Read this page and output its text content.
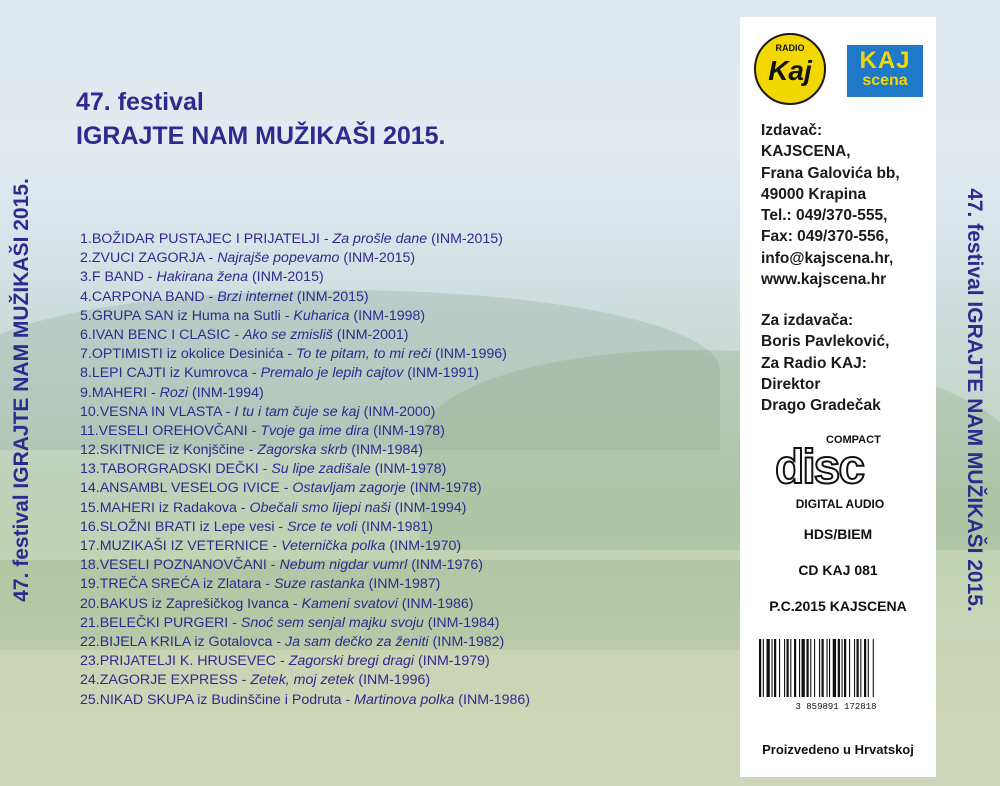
47. festival IGRAJTE NAM MUŽIKAŠI 2015.	47. festival IGRAJTE NAM MUŽIKAŠI 2015.
47. festival
IGRAJTE NAM MUŽIKAŠI 2015.
1.BOŽIDAR PUSTAJEC I PRIJATELJI - Za prošle dane (INM-2015)
2.ZVUCI ZAGORJA - Najrajše popevamo (INM-2015)
3.F BAND - Hakirana žena (INM-2015)
4.CARPONA BAND - Brzi internet (INM-2015)
5.GRUPA SAN iz Huma na Sutli - Kuharica (INM-1998)
6.IVAN BENC I CLASIC - Ako se zmisliš (INM-2001)
7.OPTIMISTI iz okolice Desinića - To te pitam, to mi reči (INM-1996)
8.LEPI CAJTI iz Kumrovca - Premalo je lepih cajtov (INM-1991)
9.MAHERI - Rozi (INM-1994)
10.VESNA IN VLASTA - I tu i tam čuje se kaj (INM-2000)
11.VESELI OREHOVČANI - Tvoje ga ime dira (INM-1978)
12.SKITNICE iz Konjščine - Zagorska skrb (INM-1984)
13.TABORGRADSKI DEČKI - Su lipe zadišale (INM-1978)
14.ANSAMBL VESELOG IVICE - Ostavljam zagorje (INM-1978)
15.MAHERI iz Radakova - Obečali smo lijepi naši (INM-1994)
16.SLOŽNI BRATI iz Lepe vesi - Srce te voli (INM-1981)
17.MUZIKAŠI IZ VETERNICE - Veternička polka (INM-1970)
18.VESELI POZNANOVČANI - Nebum nigdar vumrl (INM-1976)
19.TREČA SREĆA iz Zlatara - Suze rastanka (INM-1987)
20.BAKUS iz Zaprešičkog Ivanca - Kameni svatovi (INM-1986)
21.BELEČKI PURGERI - Snoć sem senjal majku svoju (INM-1984)
22.BIJELA KRILA iz Gotalovca - Ja sam dečko za ženiti (INM-1982)
23.PRIJATELJI K. HRUSEVEC - Zagorski bregi dragi (INM-1979)
24.ZAGORJE EXPRESS - Zetek, moj zetek (INM-1996)
25.NIKAD SKUPA iz Budinščine i Podruta - Martinova polka (INM-1986)
RADIO
Kaj	KAJ
scena
Izdavač:
KAJSCENA,
Frana Galovića bb,
49000 Krapina
Tel.: 049/370-555,
Fax: 049/370-556,
info@kajscena.hr,
www.kajscena.hr
Za izdavača:
Boris Pavleković,
Za Radio KAJ:
Direktor
Drago Gradečak
COMPACT
disc
DIGITAL AUDIO
HDS/BIEM
CD KAJ 081
P.C.2015 KAJSCENA
3 859891 172818
Proizvedeno u Hrvatskoj
